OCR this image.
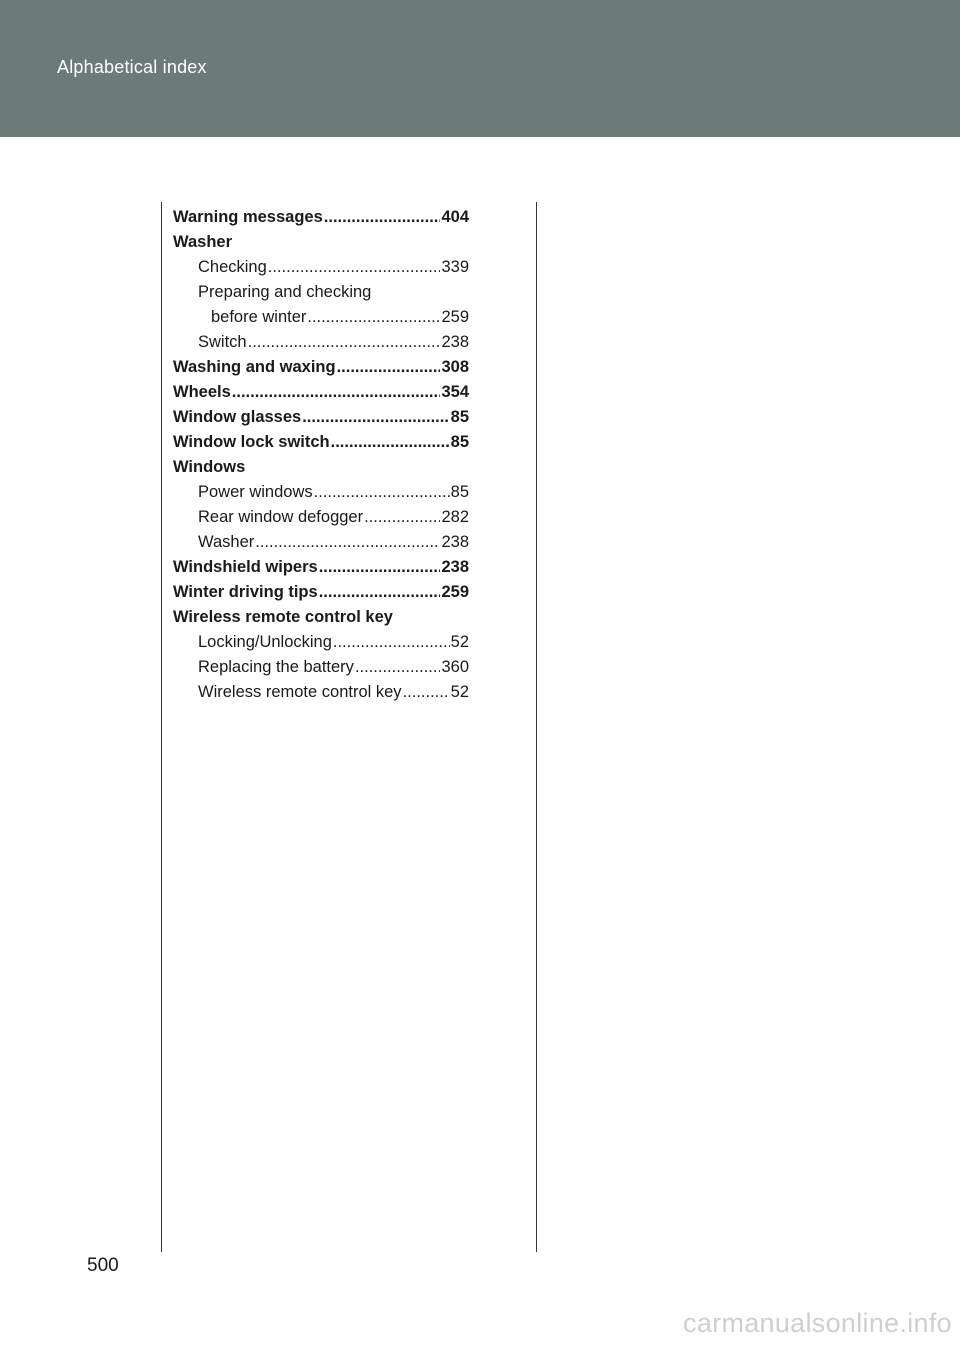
Alphabetical index
Warning messages .....	404
Washer
Checking .....	339
Preparing and checking
before winter .....	259
Switch .....	238
Washing and waxing .....	308
Wheels .....	354
Window glasses .....	85
Window lock switch .....	85
Windows
Power windows .....	85
Rear window defogger .....	282
Washer .....	238
Windshield wipers .....	238
Winter driving tips .....	259
Wireless remote control key
Locking/Unlocking .....	52
Replacing the battery .....	360
Wireless remote control key .....	52
500
carmanualsonline.info
